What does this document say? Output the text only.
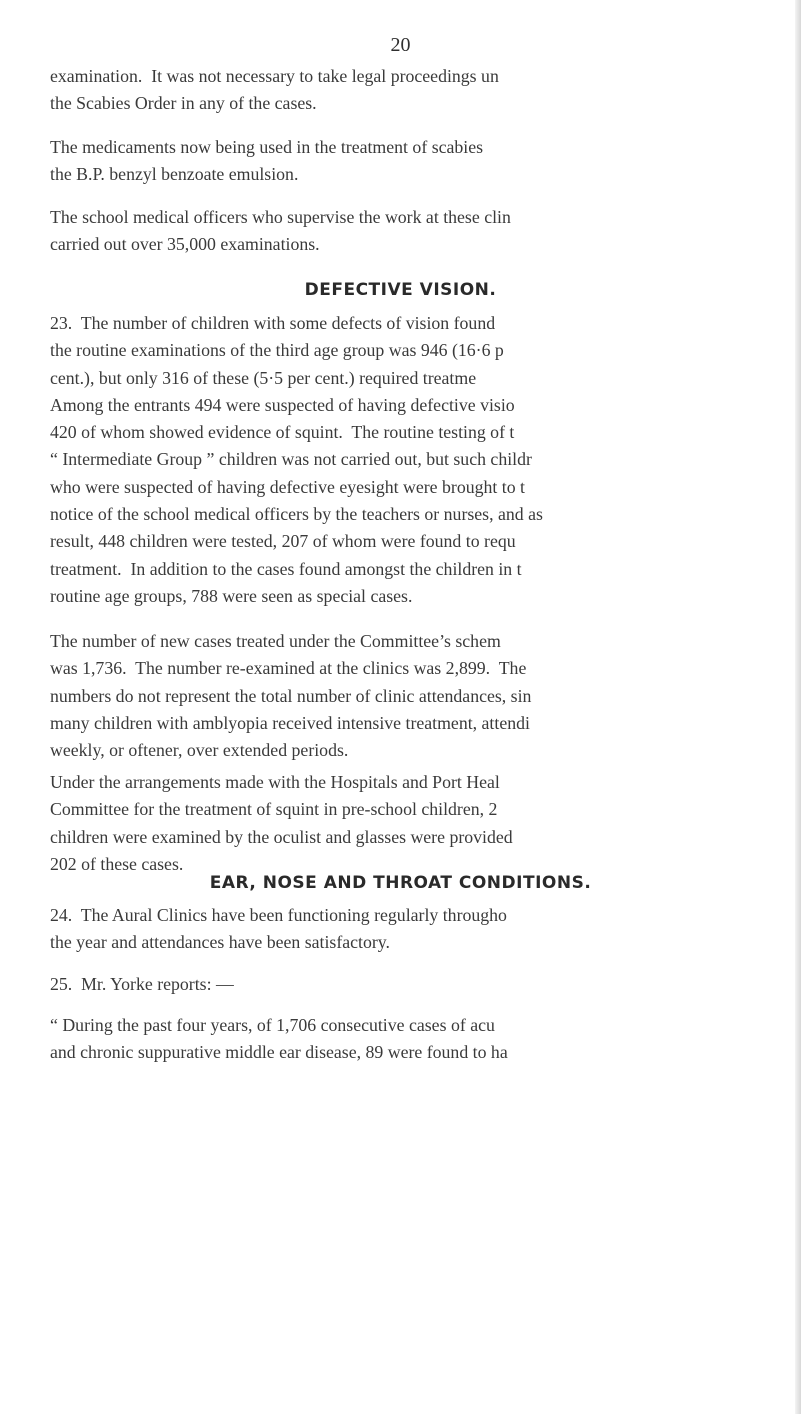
20
examination.  It was not necessary to take legal proceedings un
the Scabies Order in any of the cases.
The medicaments now being used in the treatment of scabies
the B.P. benzyl benzoate emulsion.
The school medical officers who supervise the work at these clin
carried out over 35,000 examinations.
DEFECTIVE VISION.
23.  The number of children with some defects of vision found
the routine examinations of the third age group was 946 (16·6 p
cent.), but only 316 of these (5·5 per cent.) required treatme
Among the entrants 494 were suspected of having defective visio
420 of whom showed evidence of squint.  The routine testing of t
“ Intermediate Group ” children was not carried out, but such childr
who were suspected of having defective eyesight were brought to t
notice of the school medical officers by the teachers or nurses, and as
result, 448 children were tested, 207 of whom were found to requ
treatment.  In addition to the cases found amongst the children in t
routine age groups, 788 were seen as special cases.
The number of new cases treated under the Committee’s schem
was 1,736.  The number re-examined at the clinics was 2,899.  The
numbers do not represent the total number of clinic attendances, sin
many children with amblyopia received intensive treatment, attendi
weekly, or oftener, over extended periods.
Under the arrangements made with the Hospitals and Port Heal
Committee for the treatment of squint in pre-school children, 2
children were examined by the oculist and glasses were provided
202 of these cases.
EAR, NOSE AND THROAT CONDITIONS.
24.  The Aural Clinics have been functioning regularly througho
the year and attendances have been satisfactory.
25.  Mr. Yorke reports: —
“ During the past four years, of 1,706 consecutive cases of acu
and chronic suppurative middle ear disease, 89 were found to ha
